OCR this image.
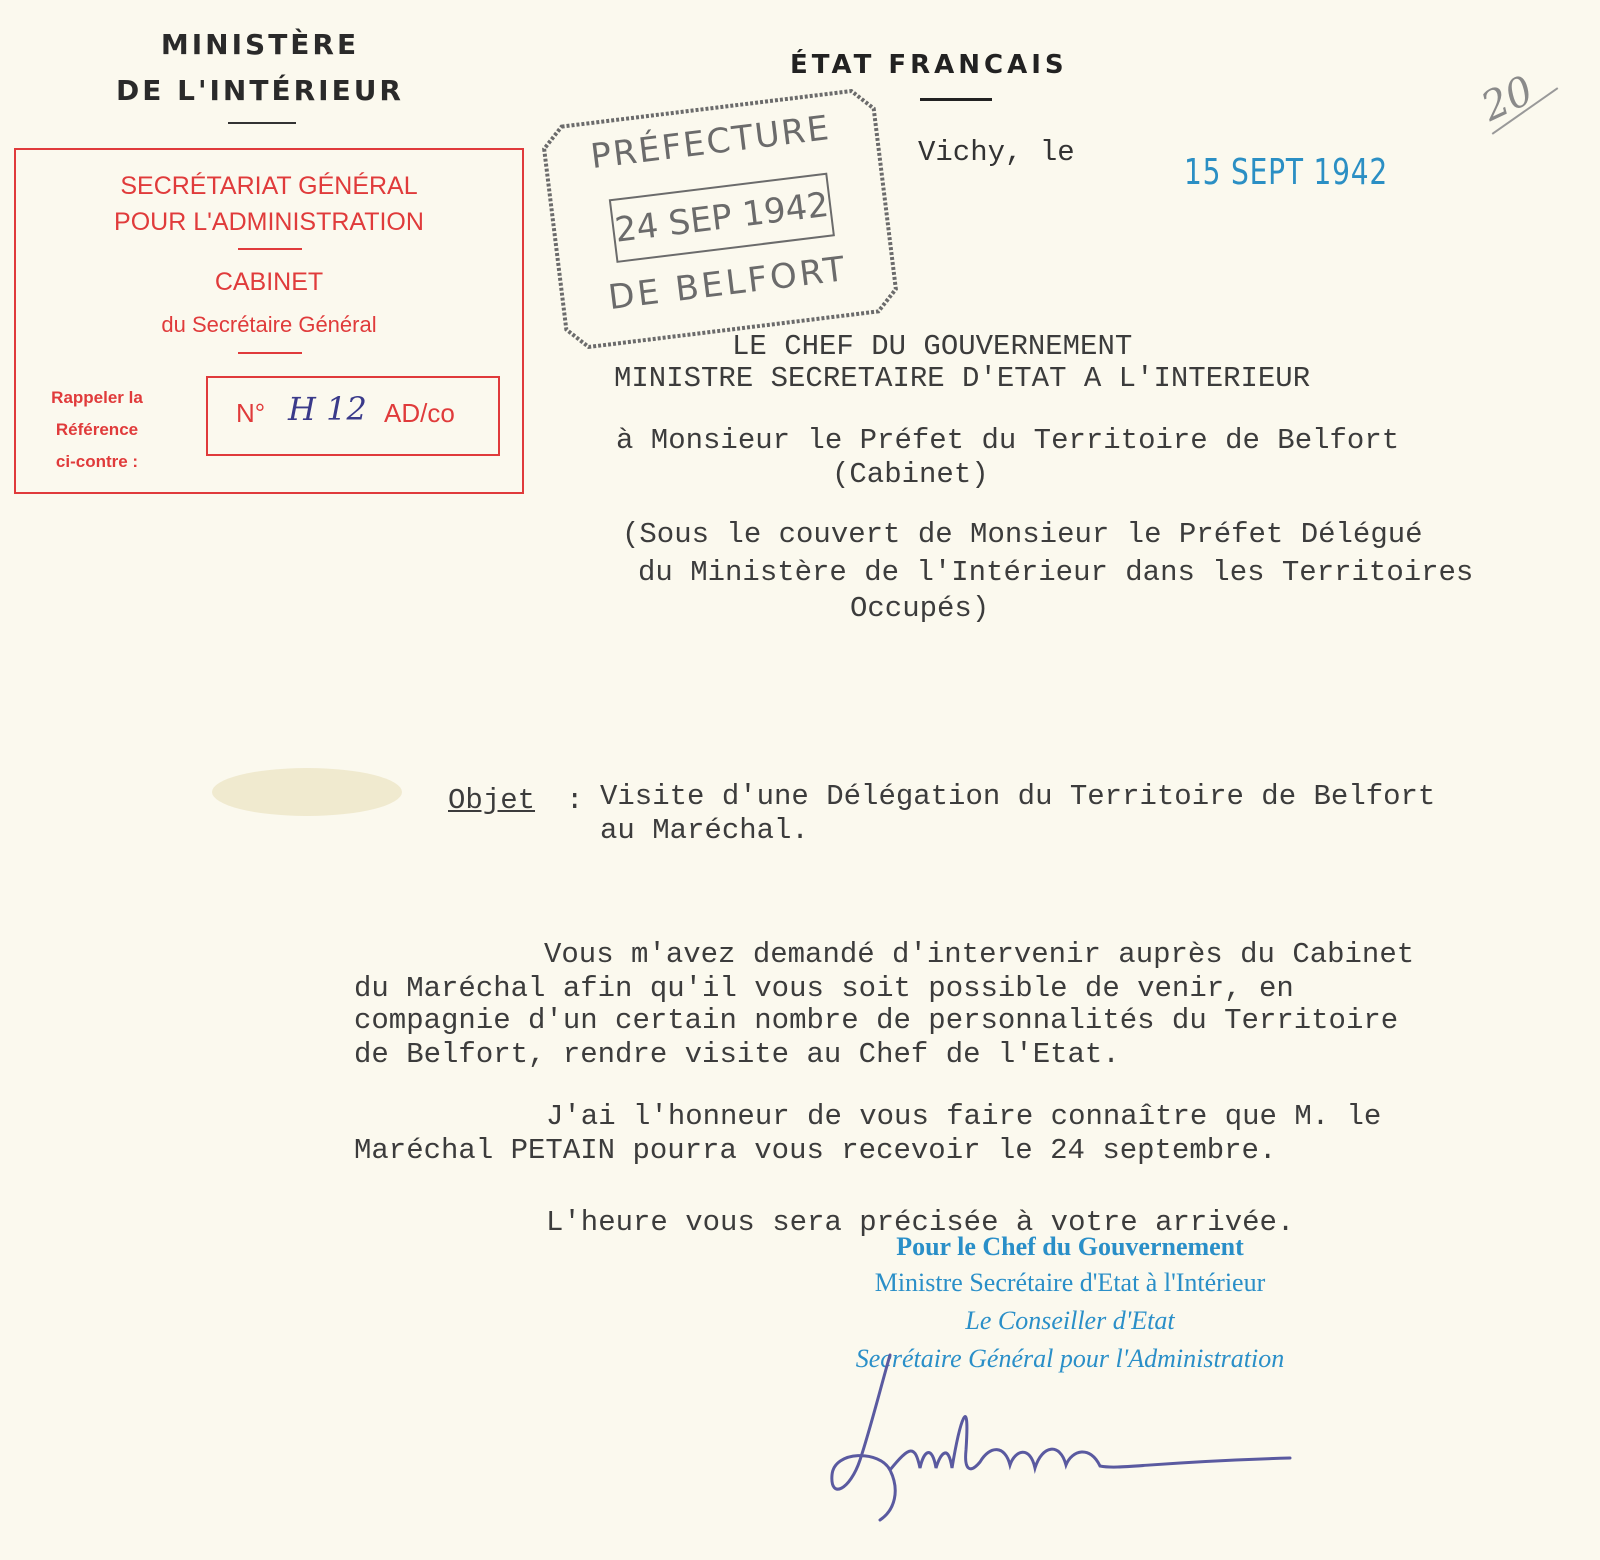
MINISTÈRE
DE L'INTÉRIEUR
ÉTAT FRANCAIS
SECRÉTARIAT GÉNÉRAL
POUR L'ADMINISTRATION
CABINET
du Secrétaire Général
Rappeler la
Référence
ci-contre :
N° H 12 AD/co
PRÉFECTURE
24 SEP 1942
DE BELFORT
Vichy, le	15 SEPT 1942
20
LE CHEF DU GOUVERNEMENT
MINISTRE SECRETAIRE D'ETAT A L'INTERIEUR
à Monsieur le Préfet du Territoire de Belfort
(Cabinet)
(Sous le couvert de Monsieur le Préfet Délégué
du Ministère de l'Intérieur dans les Territoires
Occupés)
Objet : Visite d'une Délégation du Territoire de Belfort
au Maréchal.
Vous m'avez demandé d'intervenir auprès du Cabinet
du Maréchal afin qu'il vous soit possible de venir, en
compagnie d'un certain nombre de personnalités du Territoire
de Belfort, rendre visite au Chef de l'Etat.
J'ai l'honneur de vous faire connaître que M. le
Maréchal PETAIN pourra vous recevoir le 24 septembre.
L'heure vous sera précisée à votre arrivée.
Pour le Chef du Gouvernement
Ministre Secrétaire d'Etat à l'Intérieur
Le Conseiller d'Etat
Secrétaire Général pour l'Administration
